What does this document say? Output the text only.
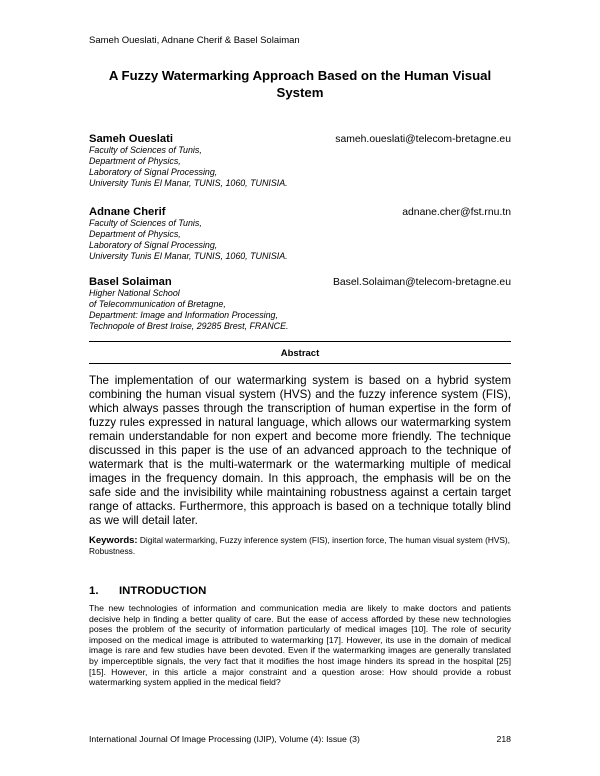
Sameh Oueslati, Adnane Cherif & Basel Solaiman
A Fuzzy Watermarking Approach Based on the Human Visual System
Sameh Oueslati	sameh.oueslati@telecom-bretagne.eu
Faculty of Sciences of Tunis,
Department of Physics,
Laboratory of Signal Processing,
University Tunis El Manar, TUNIS, 1060, TUNISIA.
Adnane Cherif	adnane.cher@fst.rnu.tn
Faculty of Sciences of Tunis,
Department of Physics,
Laboratory of Signal Processing,
University Tunis El Manar, TUNIS, 1060, TUNISIA.
Basel Solaiman	Basel.Solaiman@telecom-bretagne.eu
Higher National School
of Telecommunication of Bretagne,
Department: Image and Information Processing,
Technopole of Brest Iroise, 29285 Brest, FRANCE.
Abstract
The implementation of our watermarking system is based on a hybrid system combining the human visual system (HVS) and the fuzzy inference system (FIS), which always passes through the transcription of human expertise in the form of fuzzy rules expressed in natural language, which allows our watermarking system remain understandable for non expert and become more friendly. The technique discussed in this paper is the use of an advanced approach to the technique of watermark that is the multi-watermark or the watermarking multiple of medical images in the frequency domain. In this approach, the emphasis will be on the safe side and the invisibility while maintaining robustness against a certain target range of attacks. Furthermore, this approach is based on a technique totally blind as we will detail later.
Keywords: Digital watermarking, Fuzzy inference system (FIS), insertion force, The human visual system (HVS), Robustness.
1. INTRODUCTION
The new technologies of information and communication media are likely to make doctors and patients decisive help in finding a better quality of care. But the ease of access afforded by these new technologies poses the problem of the security of information particularly of medical images [10]. The role of security imposed on the medical image is attributed to watermarking [17]. However, its use in the domain of medical image is rare and few studies have been devoted. Even if the watermarking images are generally translated by imperceptible signals, the very fact that it modifies the host image hinders its spread in the hospital [25] [15]. However, in this article a major constraint and a question arose: How should provide a robust watermarking system applied in the medical field?
International Journal Of Image Processing (IJIP), Volume (4): Issue (3)	218
